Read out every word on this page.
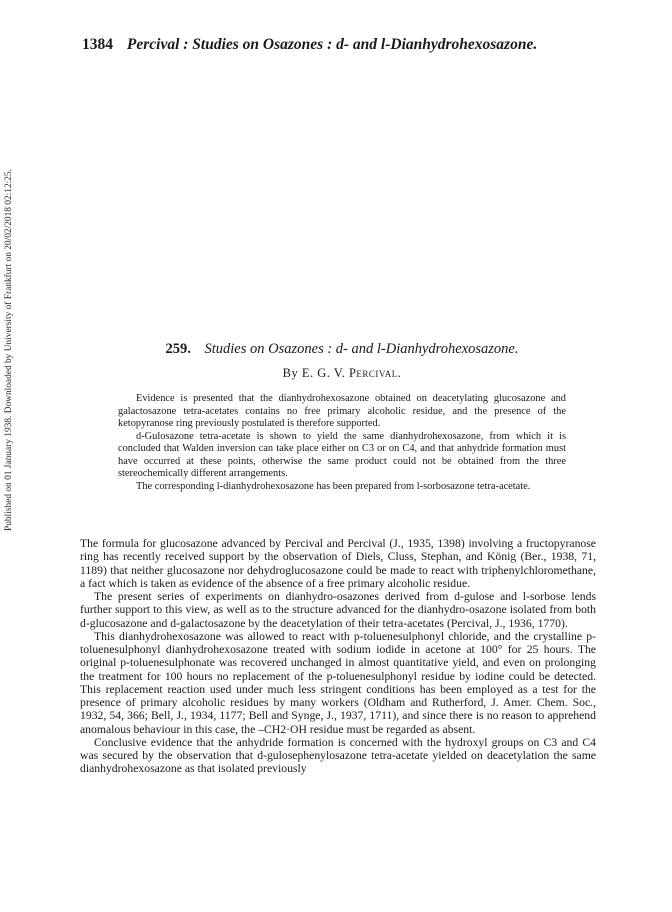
1384 Percival : Studies on Osazones : d- and l-Dianhydrohexosazone.
Published on 01 January 1938. Downloaded by University of Frankfurt on 20/02/2018 02:12:25.	259. Studies on Osazones : d- and l-Dianhydrohexosazone.
By E. G. V. Percival.

Evidence is presented that the dianhydrohexosazone obtained on deacetylating glucosazone and galactosazone tetra-acetates contains no free primary alcoholic residue, and the presence of the ketopyranose ring previously postulated is therefore supported.

d-Gulosazone tetra-acetate is shown to yield the same dianhydrohexosazone, from which it is concluded that Walden inversion can take place either on C3 or on C4, and that anhydride formation must have occurred at these points, otherwise the same product could not be obtained from the three stereochemically different arrangements.

The corresponding l-dianhydrohexosazone has been prepared from l-sorbosazone tetra-acetate.

The formula for glucosazone advanced by Percival and Percival (J., 1935, 1398) involving a fructopyranose ring has recently received support by the observation of Diels, Cluss, Stephan, and König (Ber., 1938, 71, 1189) that neither glucosazone nor dehydroglucosazone could be made to react with triphenylchloromethane, a fact which is taken as evidence of the absence of a free primary alcoholic residue.

The present series of experiments on dianhydro-osazones derived from d-gulose and l-sorbose lends further support to this view, as well as to the structure advanced for the dianhydro-osazone isolated from both d-glucosazone and d-galactosazone by the deacetylation of their tetra-acetates (Percival, J., 1936, 1770).

This dianhydrohexosazone was allowed to react with p-toluenesulphonyl chloride, and the crystalline p-toluenesulphonyl dianhydrohexosazone treated with sodium iodide in acetone at 100° for 25 hours. The original p-toluenesulphonate was recovered unchanged in almost quantitative yield, and even on prolonging the treatment for 100 hours no replacement of the p-toluenesulphonyl residue by iodine could be detected. This replacement reaction used under much less stringent conditions has been employed as a test for the presence of primary alcoholic residues by many workers (Oldham and Rutherford, J. Amer. Chem. Soc., 1932, 54, 366; Bell, J., 1934, 1177; Bell and Synge, J., 1937, 1711), and since there is no reason to apprehend anomalous behaviour in this case, the –CH2·OH residue must be regarded as absent.

Conclusive evidence that the anhydride formation is concerned with the hydroxyl groups on C3 and C4 was secured by the observation that d-gulosephenylosazone tetra-acetate yielded on deacetylation the same dianhydrohexosazone as that isolated previously
